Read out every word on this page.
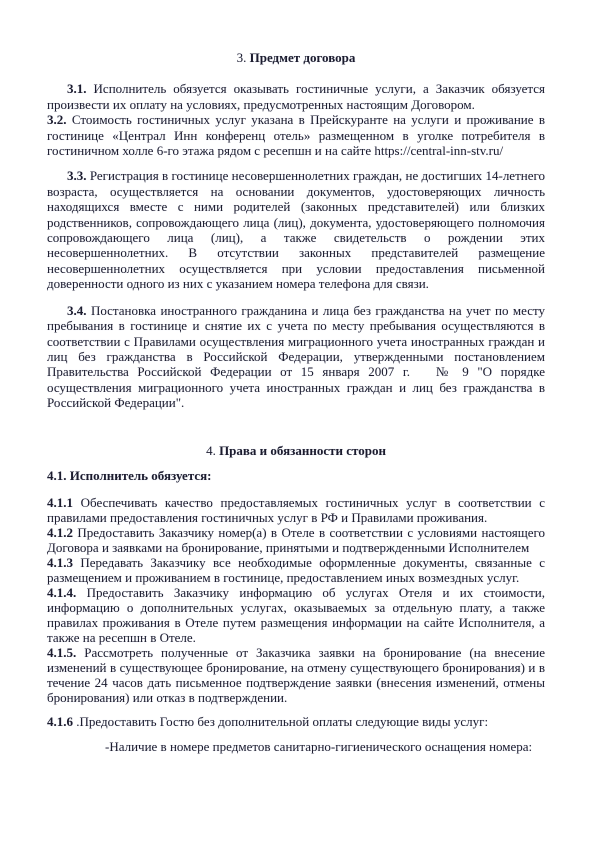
3. Предмет договора

3.1. Исполнитель обязуется оказывать гостиничные услуги, а Заказчик обязуется произвести их оплату на условиях, предусмотренных настоящим Договором.

3.2. Стоимость гостиничных услуг указана в Прейскуранте на услуги и проживание в гостинице «Централ Инн конференц отель» размещенном в уголке потребителя в гостиничном холле 6-го этажа рядом с ресепшн и на сайте https://central-inn-stv.ru/

3.3. Регистрация в гостинице несовершеннолетних граждан, не достигших 14-летнего возраста, осуществляется на основании документов, удостоверяющих личность находящихся вместе с ними родителей (законных представителей) или близких родственников, сопровождающего лица (лиц), документа, удостоверяющего полномочия сопровождающего лица (лиц), а также свидетельств о рождении этих несовершеннолетних. В отсутствии законных представителей размещение несовершеннолетних осуществляется при условии предоставления письменной доверенности одного из них с указанием номера телефона для связи.

3.4. Постановка иностранного гражданина и лица без гражданства на учет по месту пребывания в гостинице и снятие их с учета по месту пребывания осуществляются в соответствии с Правилами осуществления миграционного учета иностранных граждан и лиц без гражданства в Российской Федерации, утвержденными постановлением Правительства Российской Федерации от 15 января 2007 г.   № 9 "О порядке осуществления миграционного учета иностранных граждан и лиц без гражданства в Российской Федерации".

4. Права и обязанности сторон

4.1. Исполнитель обязуется:

4.1.1 Обеспечивать качество предоставляемых гостиничных услуг в соответствии с правилами предоставления гостиничных услуг в РФ и Правилами проживания.

4.1.2 Предоставить Заказчику номер(а) в Отеле в соответствии с условиями настоящего Договора и заявками на бронирование, принятыми и подтвержденными Исполнителем

4.1.3 Передавать Заказчику все необходимые оформленные документы, связанные с размещением и проживанием в гостинице, предоставлением иных возмездных услуг.

4.1.4. Предоставить Заказчику информацию об услугах Отеля и их стоимости, информацию о дополнительных услугах, оказываемых за отдельную плату, а также правилах проживания в Отеле путем размещения информации на сайте Исполнителя, а также на ресепшн в Отеле.

4.1.5. Рассмотреть полученные от Заказчика заявки на бронирование (на внесение изменений в существующее бронирование, на отмену существующего бронирования) и в течение 24 часов дать письменное подтверждение заявки (внесения изменений, отмены бронирования) или отказ в подтверждении.

4.1.6 .Предоставить Гостю без дополнительной оплаты следующие виды услуг:

-Наличие в номере предметов санитарно-гигиенического оснащения номера:
